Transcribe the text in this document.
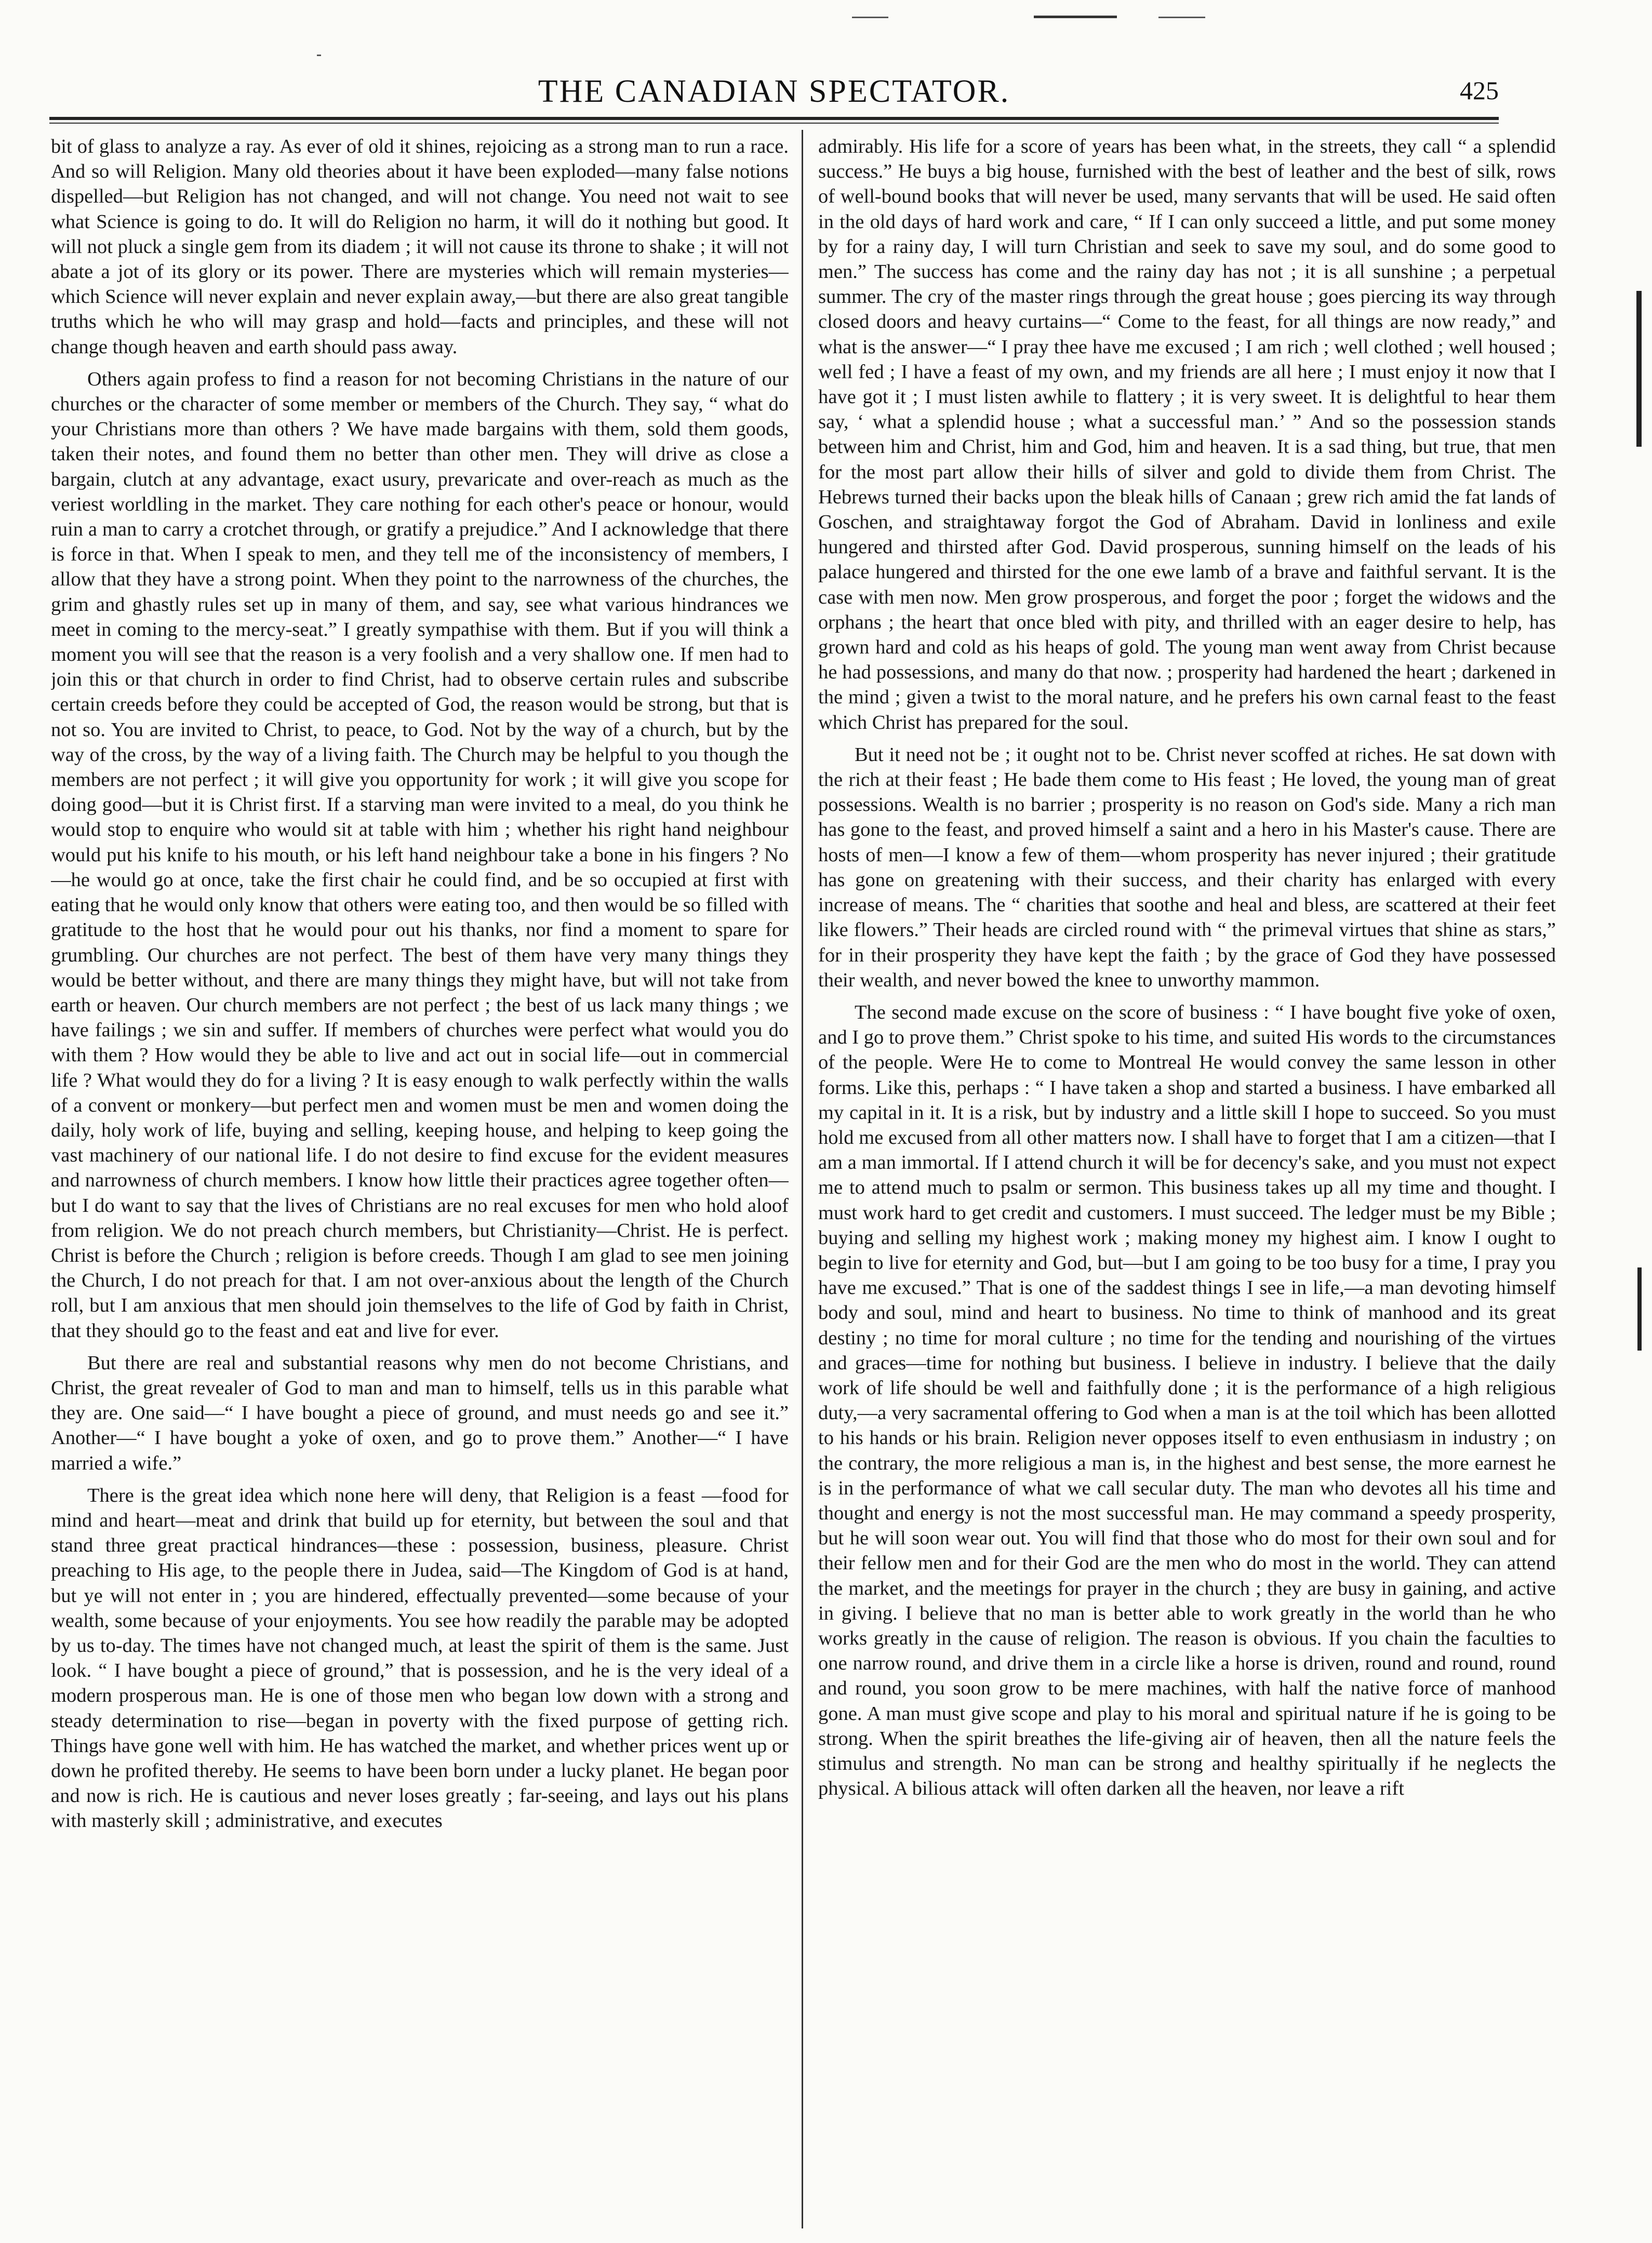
THE CANADIAN SPECTATOR.	425

bit of glass to analyze a ray. As ever of old it shines, rejoicing as a strong man to run a race. And so will Religion. Many old theories about it have been exploded—many false notions dispelled—but Religion has not changed, and will not change. You need not wait to see what Science is going to do. It will do Religion no harm, it will do it nothing but good. It will not pluck a single gem from its diadem ; it will not cause its throne to shake ; it will not abate a jot of its glory or its power. There are mysteries which will remain mysteries—which Science will never explain and never explain away,—but there are also great tangible truths which he who will may grasp and hold—facts and principles, and these will not change though heaven and earth should pass away.

Others again profess to find a reason for not becoming Christians in the nature of our churches or the character of some member or members of the Church. They say, “ what do your Christians more than others ? We have made bargains with them, sold them goods, taken their notes, and found them no better than other men. They will drive as close a bargain, clutch at any advantage, exact usury, prevaricate and over-reach as much as the veriest worldling in the market. They care nothing for each other's peace or honour, would ruin a man to carry a crotchet through, or gratify a prejudice.” And I acknowledge that there is force in that. When I speak to men, and they tell me of the inconsistency of members, I allow that they have a strong point. When they point to the narrowness of the churches, the grim and ghastly rules set up in many of them, and say, see what various hindrances we meet in coming to the mercy-seat.” I greatly sympathise with them. But if you will think a moment you will see that the reason is a very foolish and a very shallow one. If men had to join this or that church in order to find Christ, had to observe certain rules and subscribe certain creeds before they could be accepted of God, the reason would be strong, but that is not so. You are invited to Christ, to peace, to God. Not by the way of a church, but by the way of the cross, by the way of a living faith. The Church may be helpful to you though the members are not perfect ; it will give you opportunity for work ; it will give you scope for doing good—but it is Christ first. If a starving man were invited to a meal, do you think he would stop to enquire who would sit at table with him ; whether his right hand neighbour would put his knife to his mouth, or his left hand neighbour take a bone in his fingers ? No—he would go at once, take the first chair he could find, and be so occupied at first with eating that he would only know that others were eating too, and then would be so filled with gratitude to the host that he would pour out his thanks, nor find a moment to spare for grumbling. Our churches are not perfect. The best of them have very many things they would be better without, and there are many things they might have, but will not take from earth or heaven. Our church members are not perfect ; the best of us lack many things ; we have failings ; we sin and suffer. If members of churches were perfect what would you do with them ? How would they be able to live and act out in social life—out in commercial life ? What would they do for a living ? It is easy enough to walk perfectly within the walls of a convent or monkery—but perfect men and women must be men and women doing the daily, holy work of life, buying and selling, keeping house, and helping to keep going the vast machinery of our national life. I do not desire to find excuse for the evident measures and narrowness of church members. I know how little their practices agree together often—but I do want to say that the lives of Christians are no real excuses for men who hold aloof from religion. We do not preach church members, but Christianity—Christ. He is perfect. Christ is before the Church ; religion is before creeds. Though I am glad to see men joining the Church, I do not preach for that. I am not over-anxious about the length of the Church roll, but I am anxious that men should join themselves to the life of God by faith in Christ, that they should go to the feast and eat and live for ever.

But there are real and substantial reasons why men do not become Christians, and Christ, the great revealer of God to man and man to himself, tells us in this parable what they are. One said—“ I have bought a piece of ground, and must needs go and see it.” Another—“ I have bought a yoke of oxen, and go to prove them.” Another—“ I have married a wife.”

There is the great idea which none here will deny, that Religion is a feast —food for mind and heart—meat and drink that build up for eternity, but between the soul and that stand three great practical hindrances—these : possession, business, pleasure. Christ preaching to His age, to the people there in Judea, said—The Kingdom of God is at hand, but ye will not enter in ; you are hindered, effectually prevented—some because of your wealth, some because of your enjoyments. You see how readily the parable may be adopted by us to-day. The times have not changed much, at least the spirit of them is the same. Just look. “ I have bought a piece of ground,” that is possession, and he is the very ideal of a modern prosperous man. He is one of those men who began low down with a strong and steady determination to rise—began in poverty with the fixed purpose of getting rich. Things have gone well with him. He has watched the market, and whether prices went up or down he profited thereby. He seems to have been born under a lucky planet. He began poor and now is rich. He is cautious and never loses greatly ; far-seeing, and lays out his plans with masterly skill ; administrative, and executes

admirably. His life for a score of years has been what, in the streets, they call “ a splendid success.” He buys a big house, furnished with the best of leather and the best of silk, rows of well-bound books that will never be used, many servants that will be used. He said often in the old days of hard work and care, “ If I can only succeed a little, and put some money by for a rainy day, I will turn Christian and seek to save my soul, and do some good to men.” The success has come and the rainy day has not ; it is all sunshine ; a perpetual summer. The cry of the master rings through the great house ; goes piercing its way through closed doors and heavy curtains—“ Come to the feast, for all things are now ready,” and what is the answer—“ I pray thee have me excused ; I am rich ; well clothed ; well housed ; well fed ; I have a feast of my own, and my friends are all here ; I must enjoy it now that I have got it ; I must listen awhile to flattery ; it is very sweet. It is delightful to hear them say, ‘ what a splendid house ; what a successful man.’ ” And so the possession stands between him and Christ, him and God, him and heaven. It is a sad thing, but true, that men for the most part allow their hills of silver and gold to divide them from Christ. The Hebrews turned their backs upon the bleak hills of Canaan ; grew rich amid the fat lands of Goschen, and straightaway forgot the God of Abraham. David in lonliness and exile hungered and thirsted after God. David prosperous, sunning himself on the leads of his palace hungered and thirsted for the one ewe lamb of a brave and faithful servant. It is the case with men now. Men grow prosperous, and forget the poor ; forget the widows and the orphans ; the heart that once bled with pity, and thrilled with an eager desire to help, has grown hard and cold as his heaps of gold. The young man went away from Christ because he had possessions, and many do that now. ; prosperity had hardened the heart ; darkened in the mind ; given a twist to the moral nature, and he prefers his own carnal feast to the feast which Christ has prepared for the soul.

But it need not be ; it ought not to be. Christ never scoffed at riches. He sat down with the rich at their feast ; He bade them come to His feast ; He loved, the young man of great possessions. Wealth is no barrier ; prosperity is no reason on God's side. Many a rich man has gone to the feast, and proved himself a saint and a hero in his Master's cause. There are hosts of men—I know a few of them—whom prosperity has never injured ; their gratitude has gone on greatening with their success, and their charity has enlarged with every increase of means. The “ charities that soothe and heal and bless, are scattered at their feet like flowers.” Their heads are circled round with “ the primeval virtues that shine as stars,” for in their prosperity they have kept the faith ; by the grace of God they have possessed their wealth, and never bowed the knee to unworthy mammon.

The second made excuse on the score of business : “ I have bought five yoke of oxen, and I go to prove them.” Christ spoke to his time, and suited His words to the circumstances of the people. Were He to come to Montreal He would convey the same lesson in other forms. Like this, perhaps : “ I have taken a shop and started a business. I have embarked all my capital in it. It is a risk, but by industry and a little skill I hope to succeed. So you must hold me excused from all other matters now. I shall have to forget that I am a citizen—that I am a man immortal. If I attend church it will be for decency's sake, and you must not expect me to attend much to psalm or sermon. This business takes up all my time and thought. I must work hard to get credit and customers. I must succeed. The ledger must be my Bible ; buying and selling my highest work ; making money my highest aim. I know I ought to begin to live for eternity and God, but—but I am going to be too busy for a time, I pray you have me excused.” That is one of the saddest things I see in life,—a man devoting himself body and soul, mind and heart to business. No time to think of manhood and its great destiny ; no time for moral culture ; no time for the tending and nourishing of the virtues and graces—time for nothing but business. I believe in industry. I believe that the daily work of life should be well and faithfully done ; it is the performance of a high religious duty,—a very sacramental offering to God when a man is at the toil which has been allotted to his hands or his brain. Religion never opposes itself to even enthusiasm in industry ; on the contrary, the more religious a man is, in the highest and best sense, the more earnest he is in the performance of what we call secular duty. The man who devotes all his time and thought and energy is not the most successful man. He may command a speedy prosperity, but he will soon wear out. You will find that those who do most for their own soul and for their fellow men and for their God are the men who do most in the world. They can attend the market, and the meetings for prayer in the church ; they are busy in gaining, and active in giving. I believe that no man is better able to work greatly in the world than he who works greatly in the cause of religion. The reason is obvious. If you chain the faculties to one narrow round, and drive them in a circle like a horse is driven, round and round, round and round, you soon grow to be mere machines, with half the native force of manhood gone. A man must give scope and play to his moral and spiritual nature if he is going to be strong. When the spirit breathes the life-giving air of heaven, then all the nature feels the stimulus and strength. No man can be strong and healthy spiritually if he neglects the physical. A bilious attack will often darken all the heaven, nor leave a rift
